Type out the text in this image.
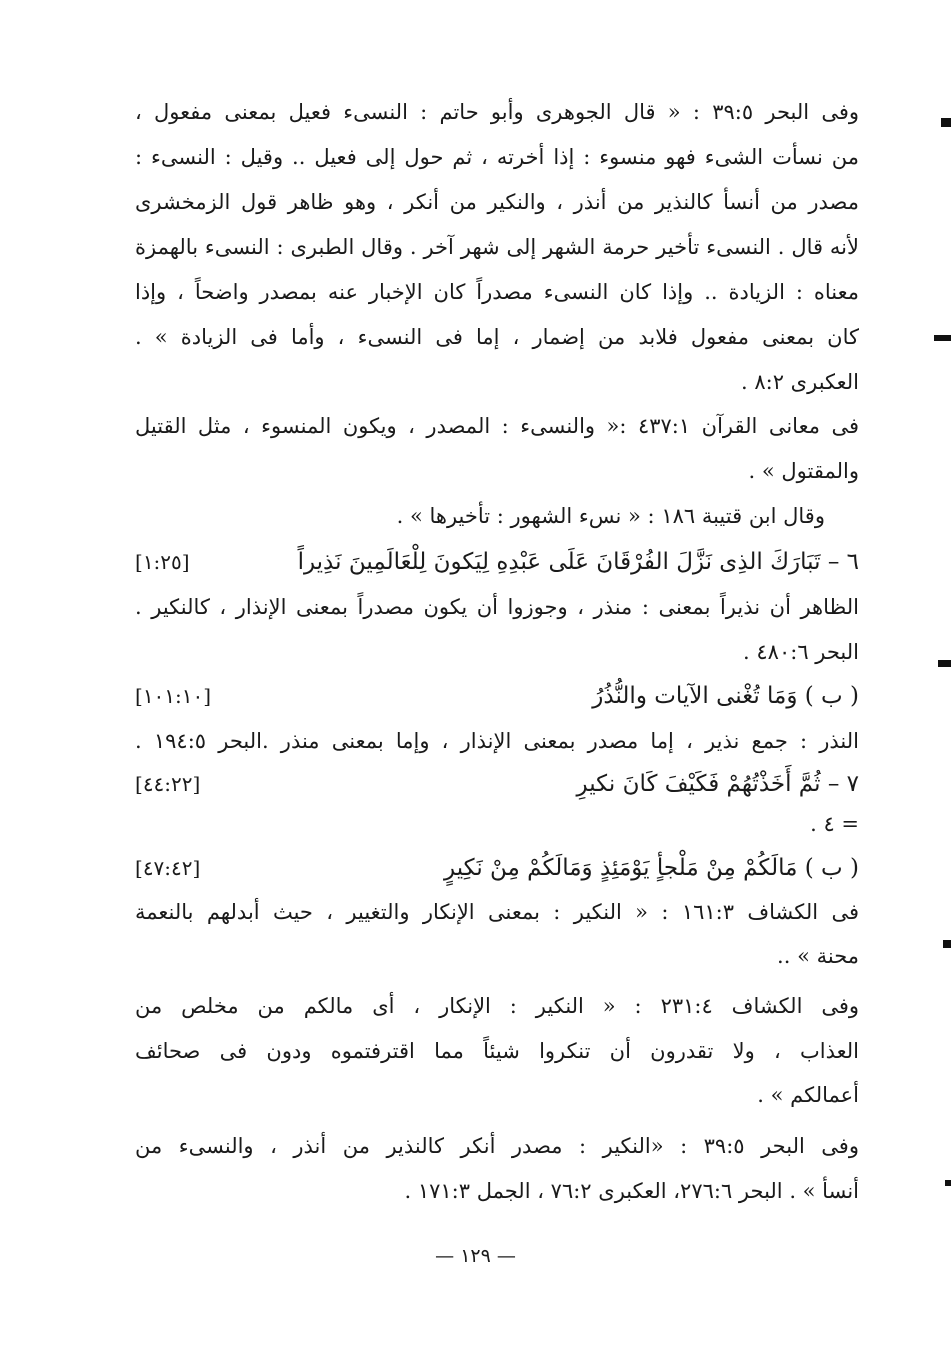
وفى البحر ٣٩:٥ : « قال الجوهرى وأبو حاتم : النسىء فعيل بمعنى مفعول ،
من نسأت الشىء فهو منسوء : إذا أخرته ، ثم حول إلى فعيل .. وقيل : النسىء :
مصدر من أنسأ كالنذير من أنذر ، والنكير من أنكر ، وهو ظاهر قول الزمخشرى
لأنه قال . النسىء تأخير حرمة الشهر إلى شهر آخر . وقال الطبرى : النسىء بالهمزة
معناه : الزيادة .. وإذا كان النسىء مصدراً كان الإخبار عنه بمصدر واضحاً ، وإذا
كان بمعنى مفعول فلابد من إضمار ، إما فى النسىء ، وأما فى الزيادة » .
العكبرى ٨:٢ .
فى معانى القرآن ٤٣٧:١ :« والنسىء : المصدر ، ويكون المنسوء ، مثل القتيل
والمقتول » .
وقال ابن قتيبة ١٨٦ : « نسء الشهور : تأخيرها » .
٦ – تَبَارَكَ الذِى نَزَّلَ الفُرْقَانَ عَلَى عَبْدِهِ لِيَكونَ لِلْعَالَمِينَ نَذِيراً
[١:٢٥]
الظاهر أن نذيراً بمعنى : منذر ، وجوزوا أن يكون مصدراً بمعنى الإنذار ، كالنكير .
البحر ٤٨٠:٦ .
( ب ) وَمَا تُغْنى الآيات والنُّذُرُ
[١٠١:١٠]
النذر : جمع نذير ، إما مصدر بمعنى الإنذار ، وإما بمعنى منذر .البحر ١٩٤:٥ .
٧ – ثُمَّ أَخَذْتُهُمْ فَكَيْفَ كَانَ نكيرِ
[٤٤:٢٢]
= ٤ .
( ب ) مَالَكُمْ مِنْ مَلْجأٍ يَوْمَئِذٍ وَمَالَكُمْ مِنْ نَكِيرٍ
[٤٧:٤٢]
فى الكشاف ١٦١:٣ : « النكير : بمعنى الإنكار والتغيير ، حيث أبدلهم بالنعمة
محنة » ..
وفى الكشاف ٢٣١:٤ : « النكير : الإنكار ، أى مالكم من مخلص من
العذاب ، ولا تقدرون أن تنكروا شيئاً مما اقترفتموه ودون فى صحائف
أعمالكم » .
وفى البحر ٣٩:٥ : «النكير : مصدر أنكر كالنذير من أنذر ، والنسىء من
أنسأ » . البحر ٢٧٦:٦، العكبرى ٧٦:٢ ، الجمل ١٧١:٣ .
— ١٢٩ —
